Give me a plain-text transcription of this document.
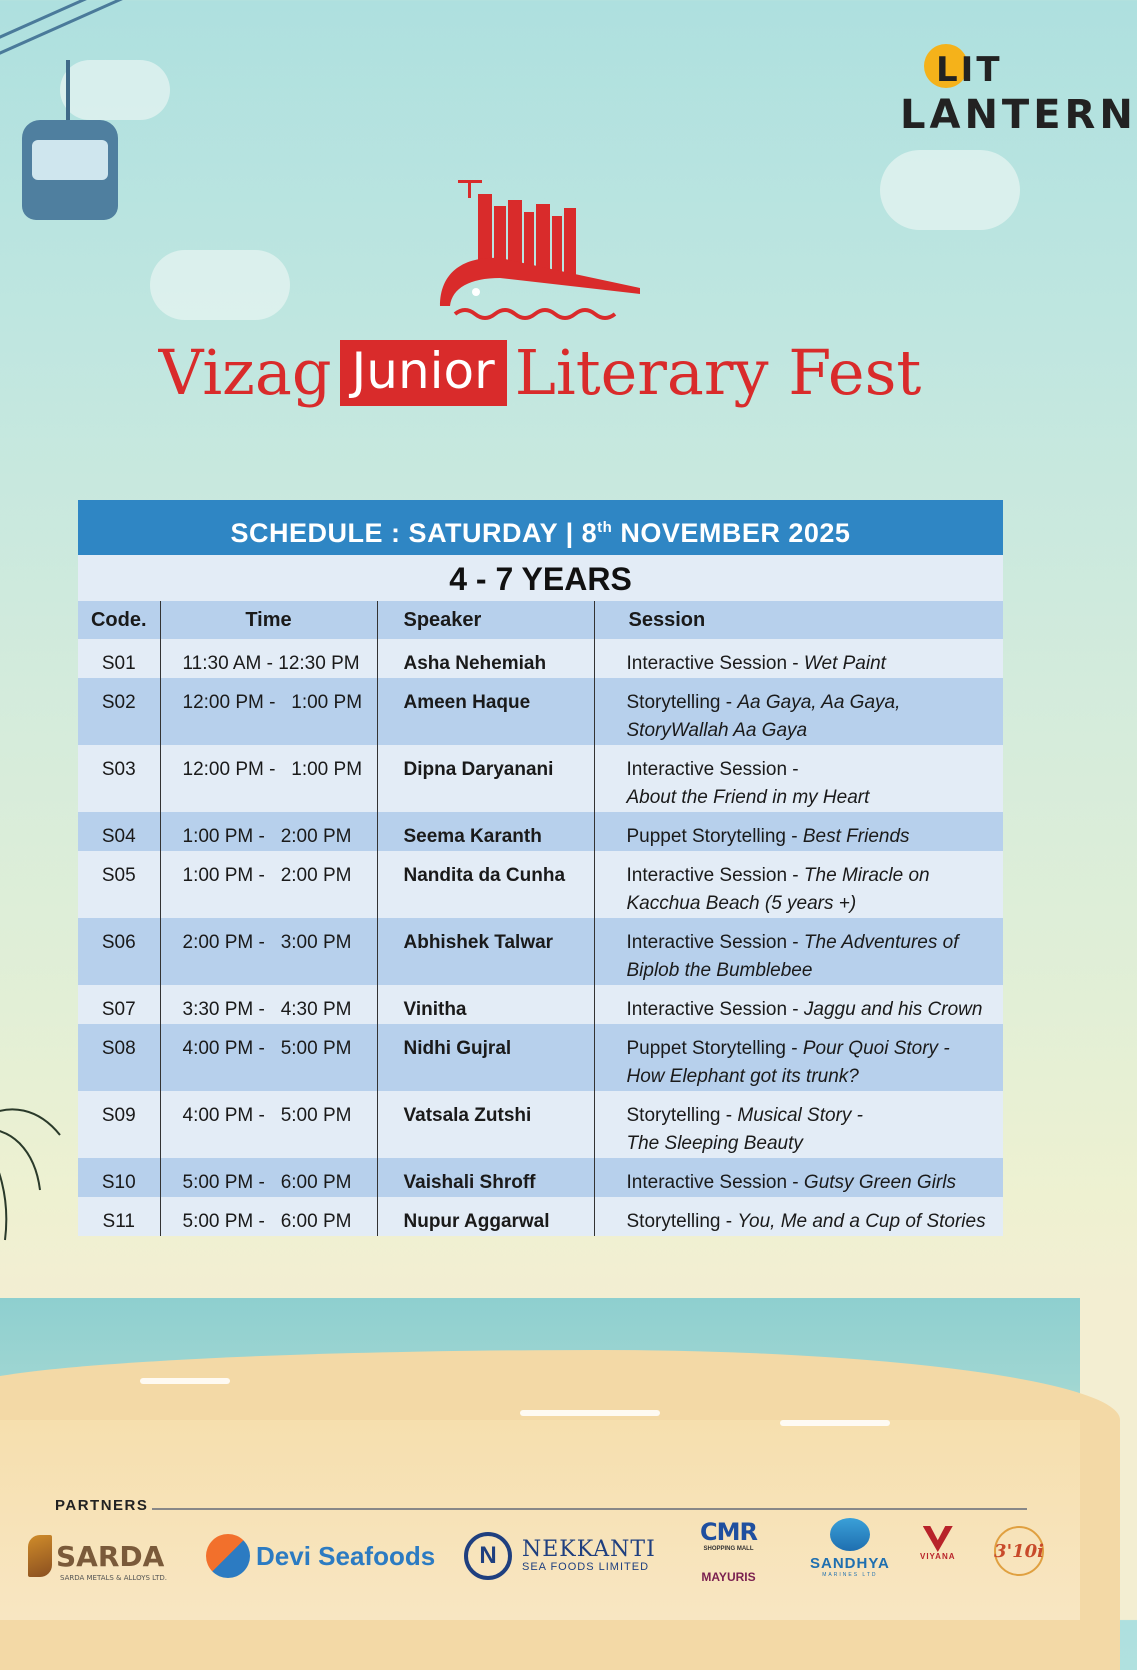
LIT
LANTERN
Vizag Junior Literary Fest
SCHEDULE : SATURDAY | 8th NOVEMBER 2025
4 - 7 YEARS
Code.	Time	Speaker	Session
S01	11:30 AM - 12:30 PM	Asha Nehemiah	Interactive Session - Wet Paint
S02	12:00 PM -   1:00 PM	Ameen Haque	Storytelling - Aa Gaya, Aa Gaya,
StoryWallah Aa Gaya
S03	12:00 PM -   1:00 PM	Dipna Daryanani	Interactive Session -
About the Friend in my Heart
S04	1:00 PM -   2:00 PM	Seema Karanth	Puppet Storytelling - Best Friends
S05	1:00 PM -   2:00 PM	Nandita da Cunha	Interactive Session - The Miracle on
Kacchua Beach (5 years +)
S06	2:00 PM -   3:00 PM	Abhishek Talwar	Interactive Session - The Adventures of
Biplob the Bumblebee
S07	3:30 PM -   4:30 PM	Vinitha	Interactive Session - Jaggu and his Crown
S08	4:00 PM -   5:00 PM	Nidhi Gujral	Puppet Storytelling - Pour Quoi Story -
How Elephant got its trunk?
S09	4:00 PM -   5:00 PM	Vatsala Zutshi	Storytelling - Musical Story -
The Sleeping Beauty
S10	5:00 PM -   6:00 PM	Vaishali Shroff	Interactive Session - Gutsy Green Girls
S11	5:00 PM -   6:00 PM	Nupur Aggarwal	Storytelling - You, Me and a Cup of Stories
PARTNERS
SARDA
SARDA METALS & ALLOYS LTD.
Devi Seafoods	N	NEKKANTI
SEA FOODS LIMITED
CMR
SHOPPING MALL
MAYURIS
SANDHYA
MARINES LTD
VIYANA 3'10i
